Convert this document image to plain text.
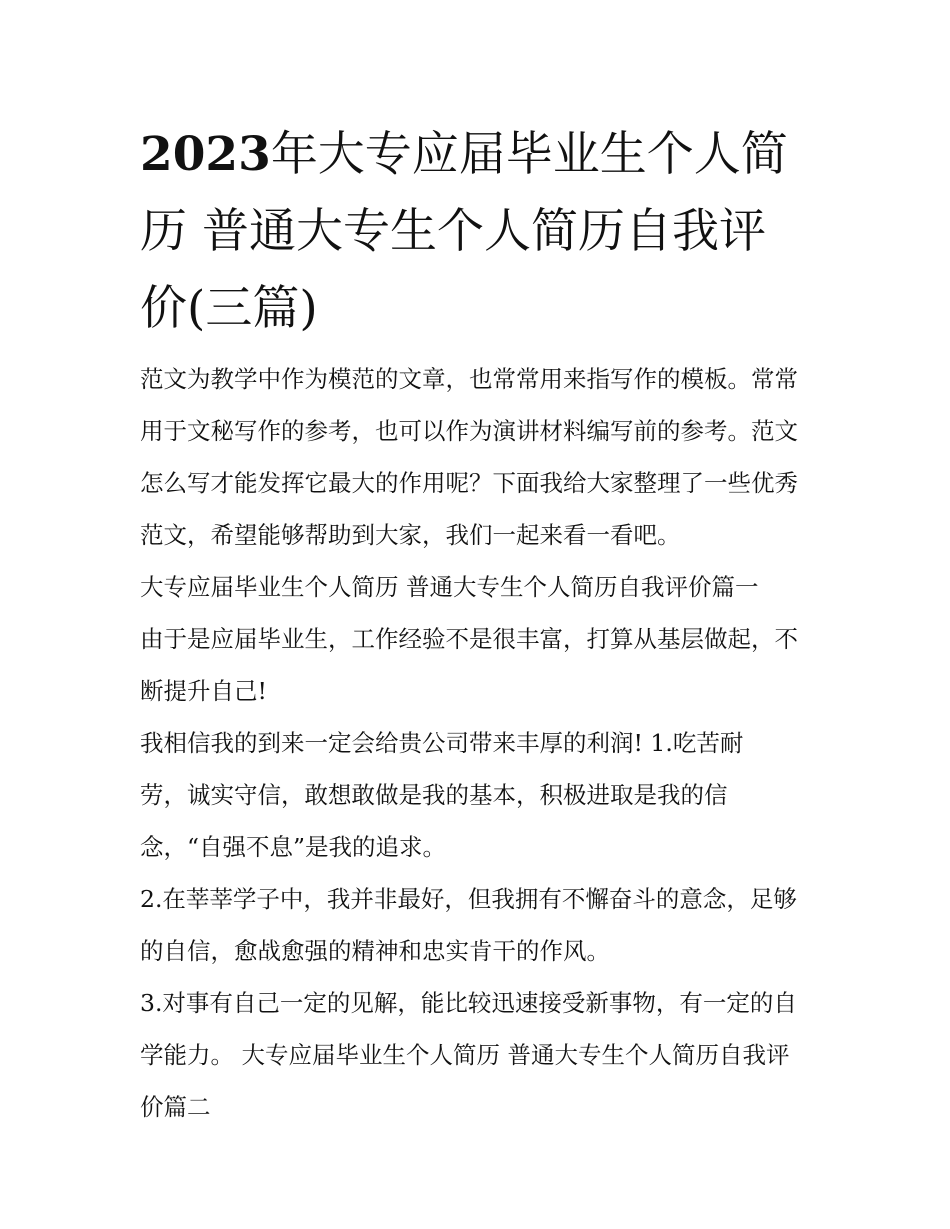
2023年大专应届毕业生个人简历 普通大专生个人简历自我评价(三篇)

范文为教学中作为模范的文章，也常常用来指写作的模板。常常用于文秘写作的参考，也可以作为演讲材料编写前的参考。范文怎么写才能发挥它最大的作用呢？下面我给大家整理了一些优秀范文，希望能够帮助到大家，我们一起来看一看吧。

大专应届毕业生个人简历 普通大专生个人简历自我评价篇一

由于是应届毕业生，工作经验不是很丰富，打算从基层做起，不断提升自己!

我相信我的到来一定会给贵公司带来丰厚的利润! 1.吃苦耐劳，诚实守信，敢想敢做是我的基本，积极进取是我的信念，“自强不息”是我的追求。

2.在莘莘学子中，我并非最好，但我拥有不懈奋斗的意念，足够的自信，愈战愈强的精神和忠实肯干的作风。

3.对事有自己一定的见解，能比较迅速接受新事物，有一定的自学能力。 大专应届毕业生个人简历 普通大专生个人简历自我评价篇二
